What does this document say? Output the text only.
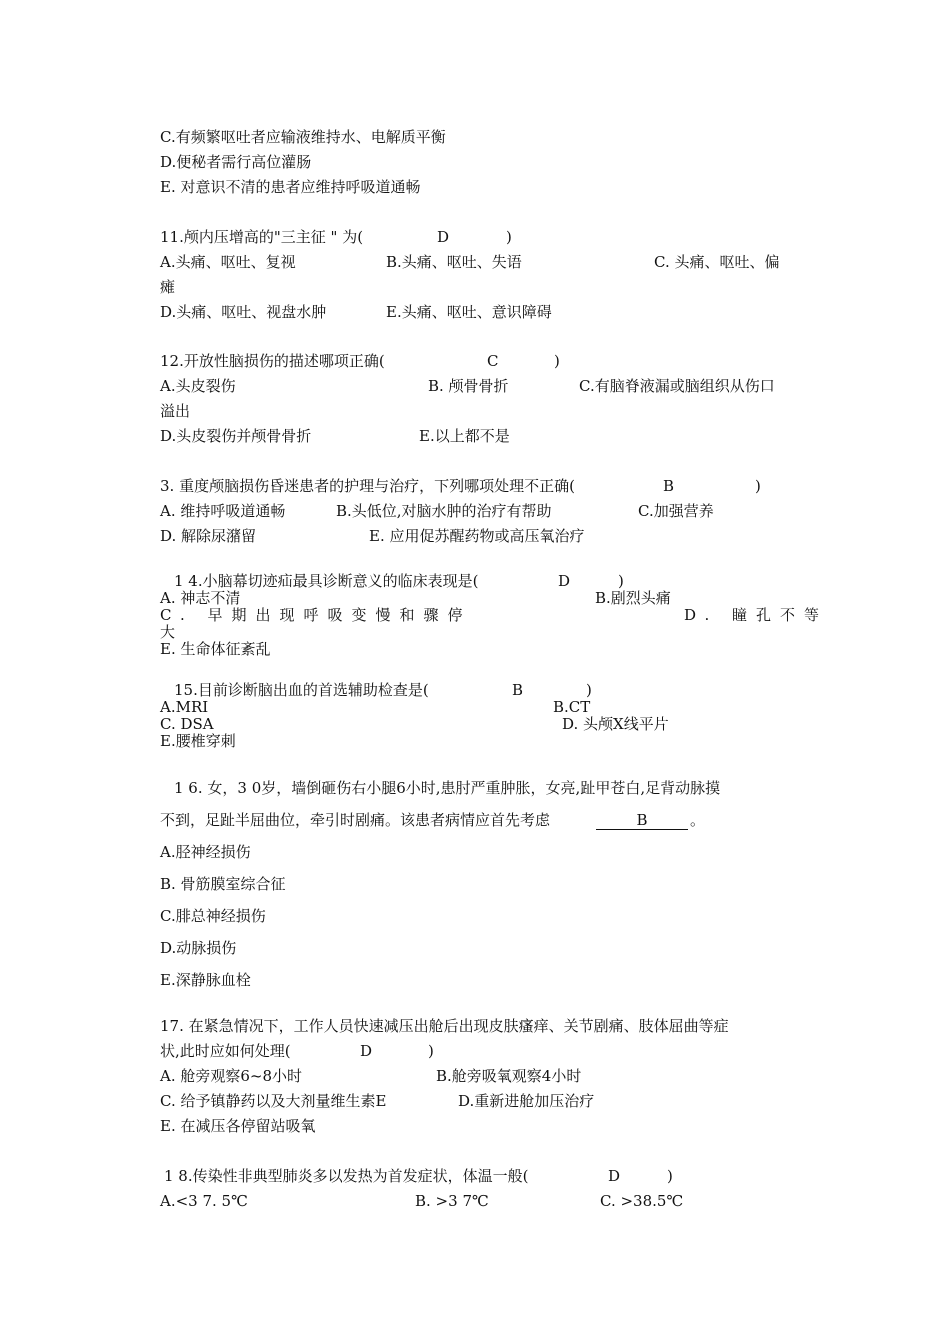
C.有频繁呕吐者应输液维持水、电解质平衡
D.便秘者需行高位灌肠
E. 对意识不清的患者应维持呼吸道通畅

11.颅内压增高的"三主征 " 为(

	D

	)

A.头痛、呕吐、复视

	B.头痛、呕吐、失语

	C. 头痛、呕吐、偏

瘫

D.头痛、呕吐、视盘水肿

	E.头痛、呕吐、意识障碍

12.开放性脑损伤的描述哪项正确(

	C

	)

A.头皮裂伤

	B. 颅骨骨折

	C.有脑脊液漏或脑组织从伤口

溢出

D.头皮裂伤并颅骨骨折

	E.以上都不是

3. 重度颅脑损伤昏迷患者的护理与治疗，下列哪项处理不正确(

	B

	)

A. 维持呼吸道通畅

	B.头低位,对脑水肿的治疗有帮助

	C.加强营养

D. 解除尿潴留

	E. 应用促苏醒药物或高压氧治疗

1 4.小脑幕切迹疝最具诊断意义的临床表现是(

	D

	)

A. 神志不清

	B.剧烈头痛

C. 早期出现呼吸变慢和骤停

	D. 瞳孔不等

大
E. 生命体征紊乱

15.目前诊断脑出血的首选辅助检查是(

	B

	)

A.MRI

	B.CT

C. DSA

	D. 头颅X线平片

E.腰椎穿刺
1 6. 女，3 0岁，墙倒砸伤右小腿6小时,患肘严重肿胀，女亮,趾甲苍白,足背动脉摸

不到，足趾半屈曲位，牵引时剧痛。该患者病情应首先考虑

	B

	。

A.胫神经损伤
B. 骨筋膜室综合征
C.腓总神经损伤
D.动脉损伤
E.深静脉血栓
17. 在紧急情况下，工作人员快速减压出舱后出现皮肤瘙痒、关节剧痛、肢体屈曲等症

状,此时应如何处理(

	D

	)

A. 舱旁观察6~8小时

	B.舱旁吸氧观察4小时

C. 给予镇静药以及大剂量维生素E

	D.重新进舱加压治疗

E. 在减压各停留站吸氧

1 8.传染性非典型肺炎多以发热为首发症状，体温一般(

	D

	)

A.<3 7. 5℃

	B. >3 7℃

	C. >38.5℃
